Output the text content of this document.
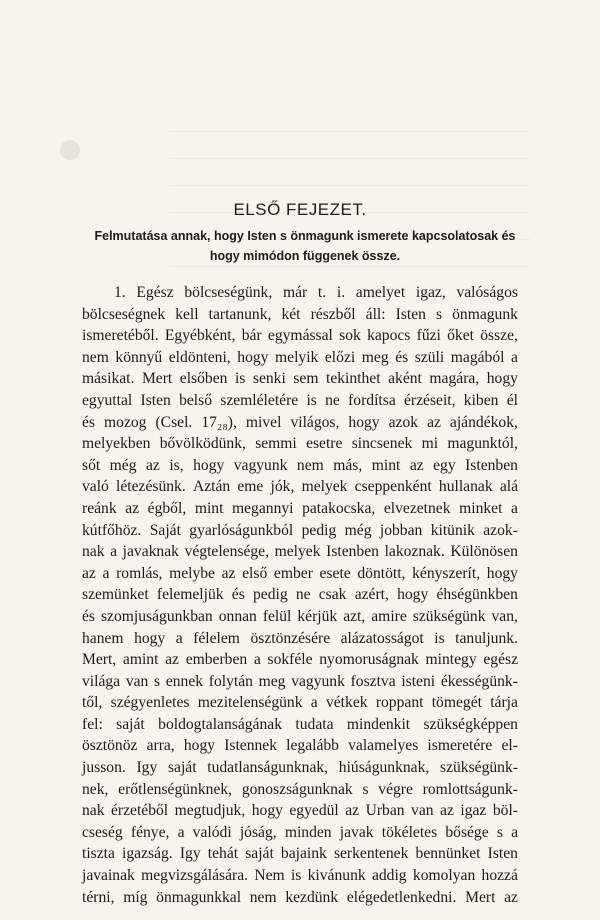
ELSŐ FEJEZET.
Felmutatása annak, hogy Isten s önmagunk ismerete kapcsolatosak és
hogy mimódon függenek össze.
1. Egész bölcseségünk, már t. i. amelyet igaz, valóságos
bölcseségnek kell tartanunk, két részből áll: Isten s önmagunk
ismeretéből. Egyébként, bár egymással sok kapocs fűzi őket össze,
nem könnyű eldönteni, hogy melyik előzi meg és szüli magából a
másikat. Mert elsőben is senki sem tekinthet aként magára, hogy
egyuttal Isten belső szemléletére is ne fordítsa érzéseit, kiben él
és mozog (Csel. 17₂₈), mivel világos, hogy azok az ajándékok,
melyekben bővölködünk, semmi esetre sincsenek mi magunktól,
sőt még az is, hogy vagyunk nem más, mint az egy Istenben
való létezésünk. Aztán eme jók, melyek cseppenként hullanak alá
reánk az égből, mint megannyi patakocska, elvezetnek minket a
kútfőhöz. Saját gyarlóságunkból pedig még jobban kitünik azok-
nak a javaknak végtelensége, melyek Istenben lakoznak. Különösen
az a romlás, melybe az első ember esete döntött, kényszerít, hogy
szemünket felemeljük és pedig ne csak azért, hogy éhségünkben
és szomjuságunkban onnan felül kérjük azt, amire szükségünk van,
hanem hogy a félelem ösztönzésére alázatosságot is tanuljunk.
Mert, amint az emberben a sokféle nyomoruságnak mintegy egész
világa van s ennek folytán meg vagyunk fosztva isteni ékességünk-
től, szégyenletes mezitelenségünk a vétkek roppant tömegét tárja
fel: saját boldogtalanságának tudata mindenkit szükségképpen
ösztönöz arra, hogy Istennek legalább valamelyes ismeretére el-
jusson. Igy saját tudatlanságunknak, hiúságunknak, szükségünk-
nek, erőtlenségünknek, gonoszságunknak s végre romlottságunk-
nak érzetéből megtudjuk, hogy egyedül az Urban van az igaz böl-
cseség fénye, a valódi jóság, minden javak tökéletes bősége s a
tiszta igazság. Igy tehát saját bajaink serkentenek bennünket Isten
javainak megvizsgálására. Nem is kivánunk addig komolyan hozzá
térni, míg önmagunkkal nem kezdünk elégedetlenkedni. Mert az
